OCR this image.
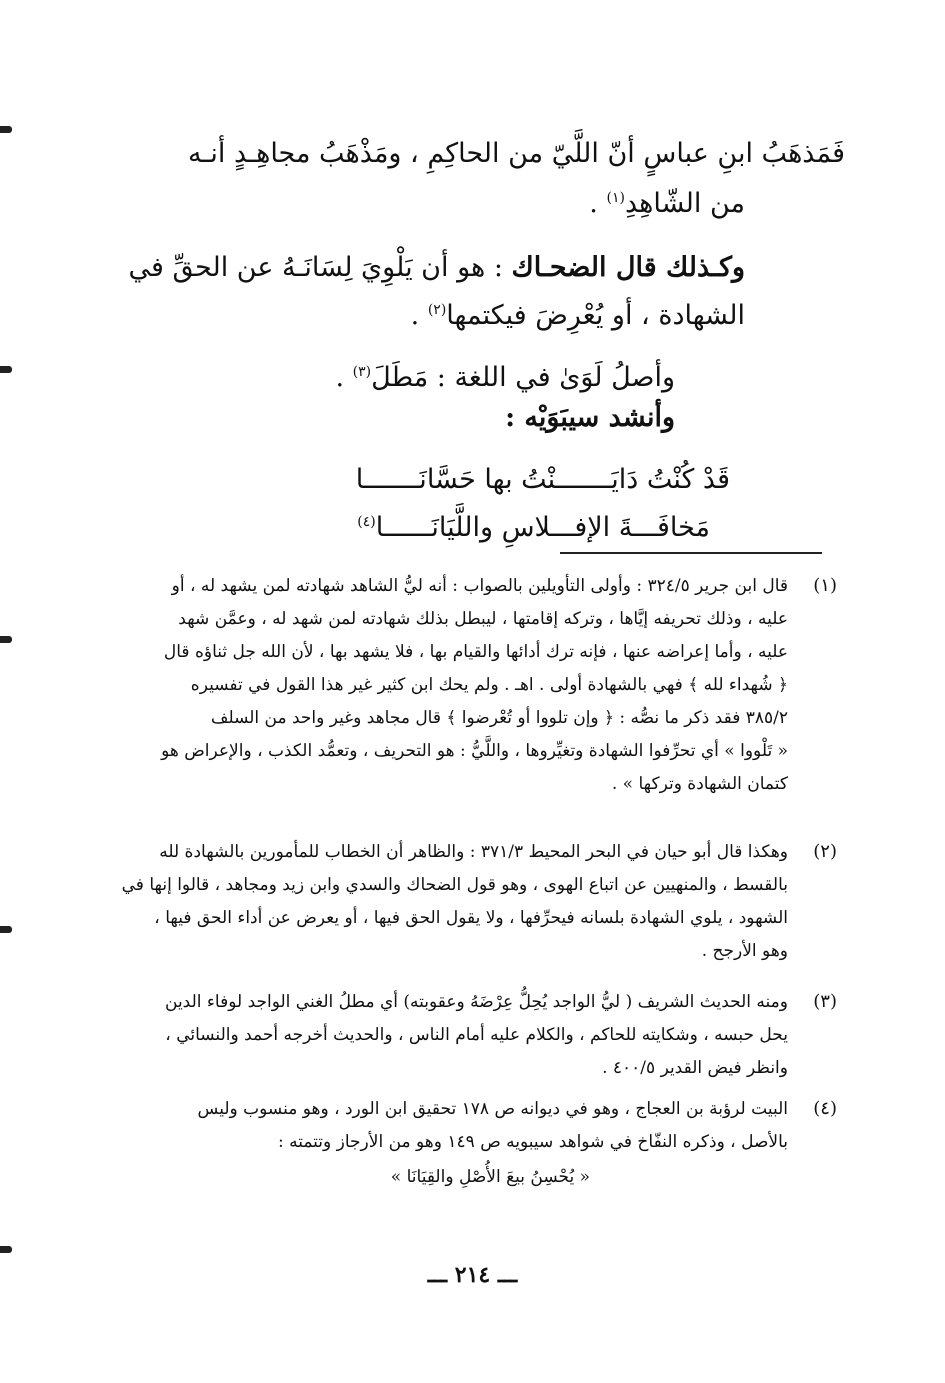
فَمَذهَبُ ابنِ عباسٍ أنّ اللَّيّ من الحاكِمِ ، ومَذْهَبُ مجاهِـدٍ أنـه
من الشّاهِدِ$^{(١)}$ .
وكـذلك قال الضحـاك : هو أن يَلْوِيَ لِسَانَـهُ عن الحقِّ في
الشهادة ، أو يُعْرِضَ فيكتمها$^{(٢)}$ .
وأصلُ لَوَىٰ في اللغة : مَطَلَ$^{(٣)}$ .
وأنشد سيبَوَيْه :
قَدْ كُنْتُ دَايَـــــــنْتُ بها حَسَّانَـــــــا
مَخافَـــةَ الإفـــلاسِ واللَّيَانَــــــا$^{(٤)}$
(١)
قال ابن جرير ٣٢٤/٥ : وأولى التأويلين بالصواب : أنه ليُّ الشاهد شهادته لمن يشهد له ، أو
عليه ، وذلك تحريفه إيَّاها ، وتركه إقامتها ، ليبطل بذلك شهادته لمن شهد له ، وعمَّن شهد
عليه ، وأما إعراضه عنها ، فإنه ترك أدائها والقيام بها ، فلا يشهد بها ، لأن الله جل ثناؤه قال
﴿ شُهداء لله ﴾ فهي بالشهادة أولى . اهـ . ولم يحك ابن كثير غير هذا القول في تفسيره
٣٨٥/٢ فقد ذكر ما نصُّه : ﴿ وإن تلووا أو تُعْرضوا ﴾ قال مجاهد وغير واحد من السلف
« تَلْووا » أي تحرِّفوا الشهادة وتغيِّروها ، واللَّيُّ : هو التحريف ، وتعمُّد الكذب ، والإعراض هو
كتمان الشهادة وتركها » .
(٢)
وهكذا قال أبو حيان في البحر المحيط ٣٧١/٣ : والظاهر أن الخطاب للمأمورين بالشهادة لله
بالقسط ، والمنهيين عن اتباع الهوى ، وهو قول الضحاك والسدي وابن زيد ومجاهد ، قالوا إنها في
الشهود ، يلوي الشهادة بلسانه فيحرِّفها ، ولا يقول الحق فيها ، أو يعرض عن أداء الحق فيها ،
وهو الأرجح .
(٣)
ومنه الحديث الشريف ( ليُّ الواجد يُحِلُّ عِرْضَهُ وعقوبته) أي مطلُ الغني الواجد لوفاء الدين
يحل حبسه ، وشكايته للحاكم ، والكلام عليه أمام الناس ، والحديث أخرجه أحمد والنسائي ،
وانظر فيض القدير ٤٠٠/٥ .
(٤)
البيت لرؤبة بن العجاج ، وهو في ديوانه ص ١٧٨ تحقيق ابن الورد ، وهو منسوب وليس
بالأصل ، وذكره النفّاخ في شواهد سيبويه ص ١٤٩ وهو من الأرجاز وتتمته :
« يُحْسِنُ بيعَ الأُصْلِ والقِيَانَا »
ـــ ٢١٤ ـــ
